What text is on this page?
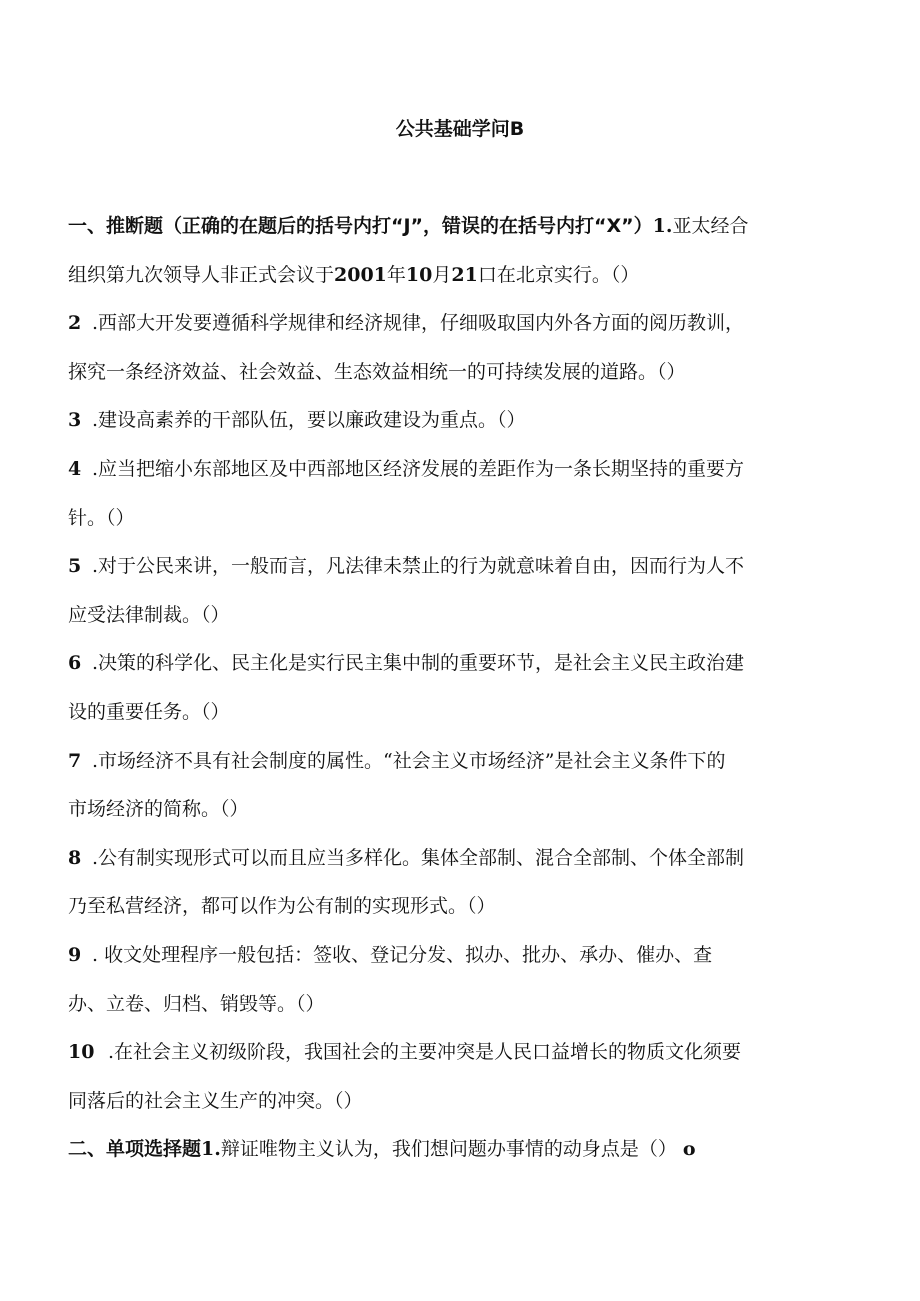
公共基础学问B
一、推断题（正确的在题后的括号内打“J”，错误的在括号内打“X”）1.亚太经合
组织第九次领导人非正式会议于2001年10月21口在北京实行。（）
2 .西部大开发要遵循科学规律和经济规律，仔细吸取国内外各方面的阅历教训，
探究一条经济效益、社会效益、生态效益相统一的可持续发展的道路。（）
3 .建设高素养的干部队伍，要以廉政建设为重点。（）
4 .应当把缩小东部地区及中西部地区经济发展的差距作为一条长期坚持的重要方
针。（）
5 .对于公民来讲，一般而言，凡法律未禁止的行为就意味着自由，因而行为人不
应受法律制裁。（）
6 .决策的科学化、民主化是实行民主集中制的重要环节，是社会主义民主政治建
设的重要任务。（）
7 .市场经济不具有社会制度的属性。“社会主义市场经济”是社会主义条件下的
市场经济的简称。（）
8 .公有制实现形式可以而且应当多样化。集体全部制、混合全部制、个体全部制
乃至私营经济，都可以作为公有制的实现形式。（）
9 . 收文处理程序一般包括：签收、登记分发、拟办、批办、承办、催办、查
办、立卷、归档、销毁等。（）
10 .在社会主义初级阶段，我国社会的主要冲突是人民口益增长的物质文化须要
同落后的社会主义生产的冲突。（）
二、单项选择题1.辩证唯物主义认为，我们想问题办事情的动身点是（） o
